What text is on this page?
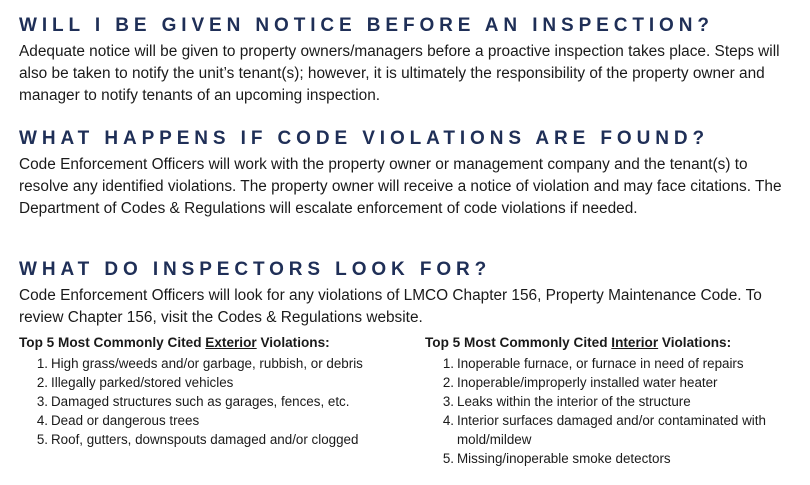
WILL I BE GIVEN NOTICE BEFORE AN INSPECTION?

Adequate notice will be given to property owners/managers before a proactive inspection takes place. Steps will also be taken to notify the unit’s tenant(s); however, it is ultimately the responsibility of the property owner and manager to notify tenants of an upcoming inspection.

WHAT HAPPENS IF CODE VIOLATIONS ARE FOUND?

Code Enforcement Officers will work with the property owner or management company and the tenant(s) to resolve any identified violations. The property owner will receive a notice of violation and may face citations. The Department of Codes & Regulations will escalate enforcement of code violations if needed.

WHAT DO INSPECTORS LOOK FOR?

Code Enforcement Officers will look for any violations of LMCO Chapter 156, Property Maintenance Code. To review Chapter 156, visit the Codes & Regulations website.

Top 5 Most Commonly Cited Exterior Violations:

1. High grass/weeds and/or garbage, rubbish, or debris
2. Illegally parked/stored vehicles
3. Damaged structures such as garages, fences, etc.
4. Dead or dangerous trees
5. Roof, gutters, downspouts damaged and/or clogged

Top 5 Most Commonly Cited Interior Violations:

1. Inoperable furnace, or furnace in need of repairs
2. Inoperable/improperly installed water heater
3. Leaks within the interior of the structure
4. Interior surfaces damaged and/or contaminated with mold/mildew
5. Missing/inoperable smoke detectors
